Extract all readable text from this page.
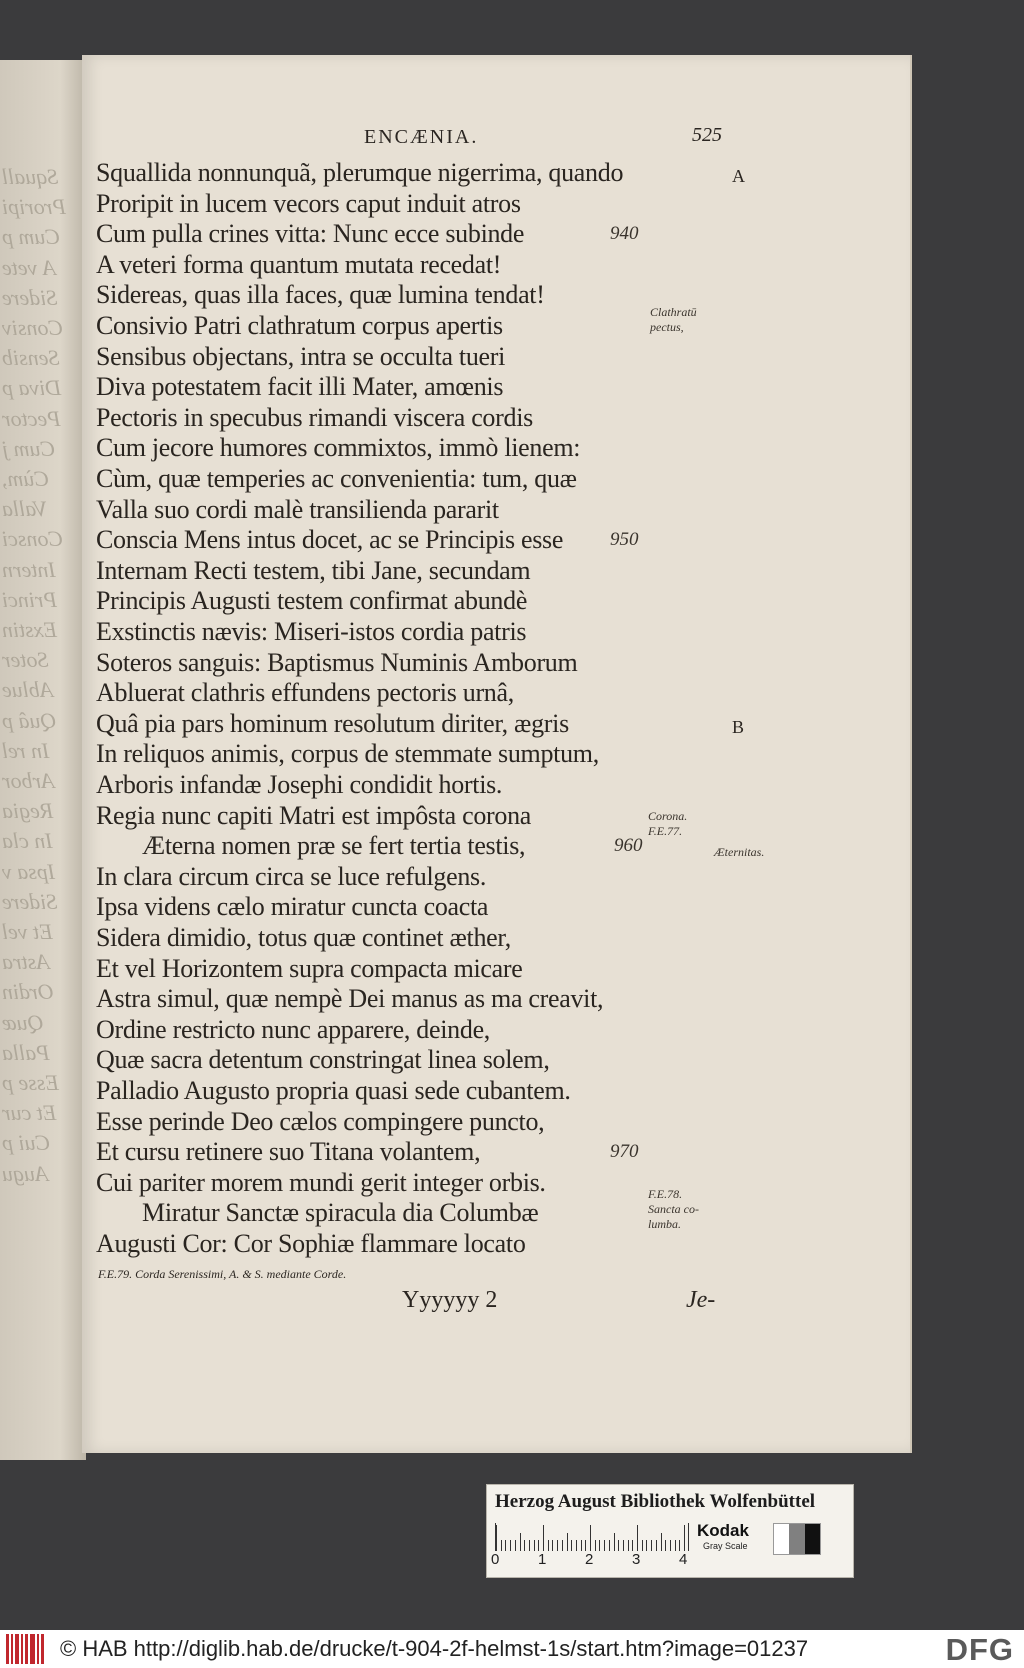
Squall
Proripi
Cum p
A vete
Sidere
Consiv
Sensib
Diva p
Pector
Cum j
Cùm,
Valla
Consci
Intern
Princi
Exstin
Soter
Ablue
Quâ p
In rel
Arbor
Regia
In cla
Ipsa v
Sidere
Et vel
Astra
Ordin
Quæ
Palla
Esse p
Et cur
Cui p
Augu
ENCÆNIA.	525
Squallida nonnunquã, plerumque nigerrima, quando
Proripit in lucem vecors caput induit atros
Cum pulla crines vitta: Nunc ecce subinde
A veteri forma quantum mutata recedat!
Sidereas, quas illa faces, quæ lumina tendat!
Consivio Patri clathratum corpus apertis
Sensibus objectans, intra se occulta tueri
Diva potestatem facit illi Mater, amœnis
Pectoris in specubus rimandi viscera cordis
Cum jecore humores commixtos, immò lienem:
Cùm, quæ temperies ac convenientia: tum, quæ
Valla suo cordi malè transilienda pararit
Conscia Mens intus docet, ac se Principis esse
Internam Recti testem, tibi Jane, secundam
Principis Augusti testem confirmat abundè
Exstinctis nævis: Miseri-istos cordia patris
Soteros sanguis: Baptismus Numinis Amborum
Abluerat clathris effundens pectoris urnâ,
Quâ pia pars hominum resolutum diriter, ægris
In reliquos animis, corpus de stemmate sumptum,
Arboris infandæ Josephi condidit hortis.
Regia nunc capiti Matri est impôsta corona
Æterna nomen præ se fert tertia testis,
In clara circum circa se luce refulgens.
Ipsa videns cælo miratur cuncta coacta
Sidera dimidio, totus quæ continet æther,
Et vel Horizontem supra compacta micare
Astra simul, quæ nempè Dei manus as ma creavit,
Ordine restricto nunc apparere, deinde,
Quæ sacra detentum constringat linea solem,
Palladio Augusto propria quasi sede cubantem.
Esse perinde Deo cælos compingere puncto,
Et cursu retinere suo Titana volantem,
Cui pariter morem mundi gerit integer orbis.
Miratur Sanctæ spiracula dia Columbæ
Augusti Cor: Cor Sophiæ flammare locato
F.E.79. Corda Serenissimi, A. & S. mediante Corde.
Yyyyyy 2	Je-
940
950
960
970
A
B
Clathratū
pectus,
Corona.
F.E.77.
Æternitas.
F.E.78.
Sancta co-
lumba.
Herzog August Bibliothek Wolfenbüttel
Kodak
Gray Scale
0	1	2	3	4
© HAB http://diglib.hab.de/drucke/t-904-2f-helmst-1s/start.htm?image=01237	DFG
